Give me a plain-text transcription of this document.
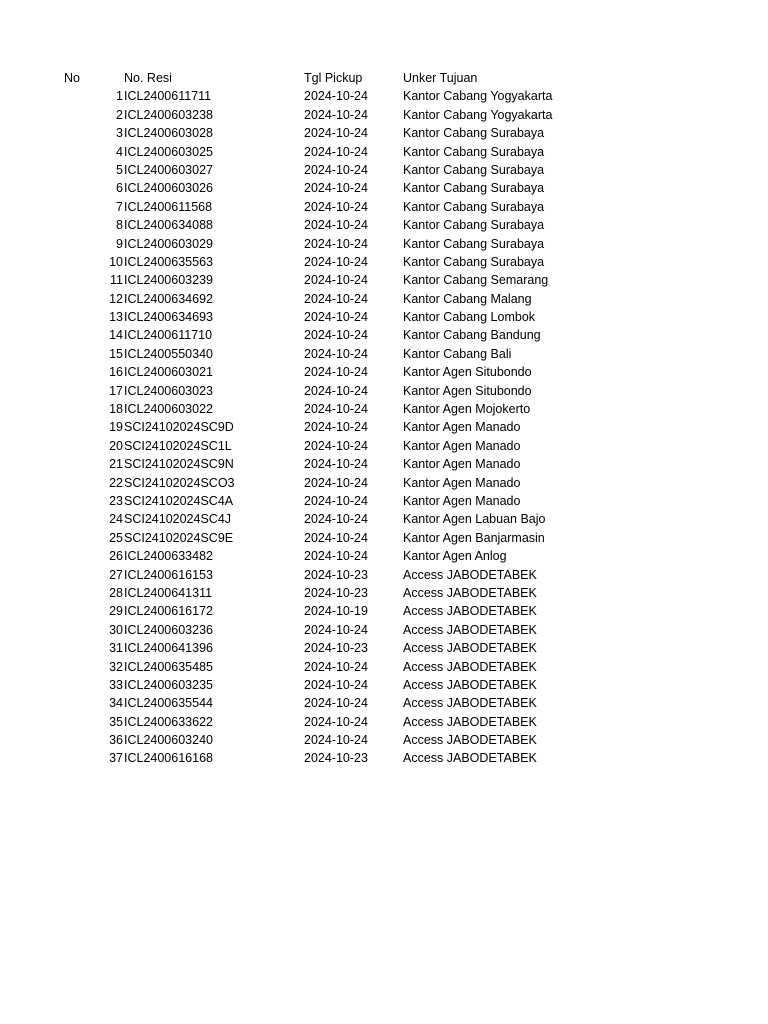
No	No. Resi	Tgl Pickup	Unker Tujuan
1 ICL2400611711	2024-10-24	Kantor Cabang Yogyakarta
2 ICL2400603238	2024-10-24	Kantor Cabang Yogyakarta
3 ICL2400603028	2024-10-24	Kantor Cabang Surabaya
4 ICL2400603025	2024-10-24	Kantor Cabang Surabaya
5 ICL2400603027	2024-10-24	Kantor Cabang Surabaya
6 ICL2400603026	2024-10-24	Kantor Cabang Surabaya
7 ICL2400611568	2024-10-24	Kantor Cabang Surabaya
8 ICL2400634088	2024-10-24	Kantor Cabang Surabaya
9 ICL2400603029	2024-10-24	Kantor Cabang Surabaya
10 ICL2400635563	2024-10-24	Kantor Cabang Surabaya
11 ICL2400603239	2024-10-24	Kantor Cabang Semarang
12 ICL2400634692	2024-10-24	Kantor Cabang Malang
13 ICL2400634693	2024-10-24	Kantor Cabang Lombok
14 ICL2400611710	2024-10-24	Kantor Cabang Bandung
15 ICL2400550340	2024-10-24	Kantor Cabang Bali
16 ICL2400603021	2024-10-24	Kantor Agen Situbondo
17 ICL2400603023	2024-10-24	Kantor Agen Situbondo
18 ICL2400603022	2024-10-24	Kantor Agen Mojokerto
19 SCI24102024SC9D	2024-10-24	Kantor Agen Manado
20 SCI24102024SC1L	2024-10-24	Kantor Agen Manado
21 SCI24102024SC9N	2024-10-24	Kantor Agen Manado
22 SCI24102024SCO3	2024-10-24	Kantor Agen Manado
23 SCI24102024SC4A	2024-10-24	Kantor Agen Manado
24 SCI24102024SC4J	2024-10-24	Kantor Agen Labuan Bajo
25 SCI24102024SC9E	2024-10-24	Kantor Agen Banjarmasin
26 ICL2400633482	2024-10-24	Kantor Agen Anlog
27 ICL2400616153	2024-10-23	Access JABODETABEK
28 ICL2400641311	2024-10-23	Access JABODETABEK
29 ICL2400616172	2024-10-19	Access JABODETABEK
30 ICL2400603236	2024-10-24	Access JABODETABEK
31 ICL2400641396	2024-10-23	Access JABODETABEK
32 ICL2400635485	2024-10-24	Access JABODETABEK
33 ICL2400603235	2024-10-24	Access JABODETABEK
34 ICL2400635544	2024-10-24	Access JABODETABEK
35 ICL2400633622	2024-10-24	Access JABODETABEK
36 ICL2400603240	2024-10-24	Access JABODETABEK
37 ICL2400616168	2024-10-23	Access JABODETABEK
